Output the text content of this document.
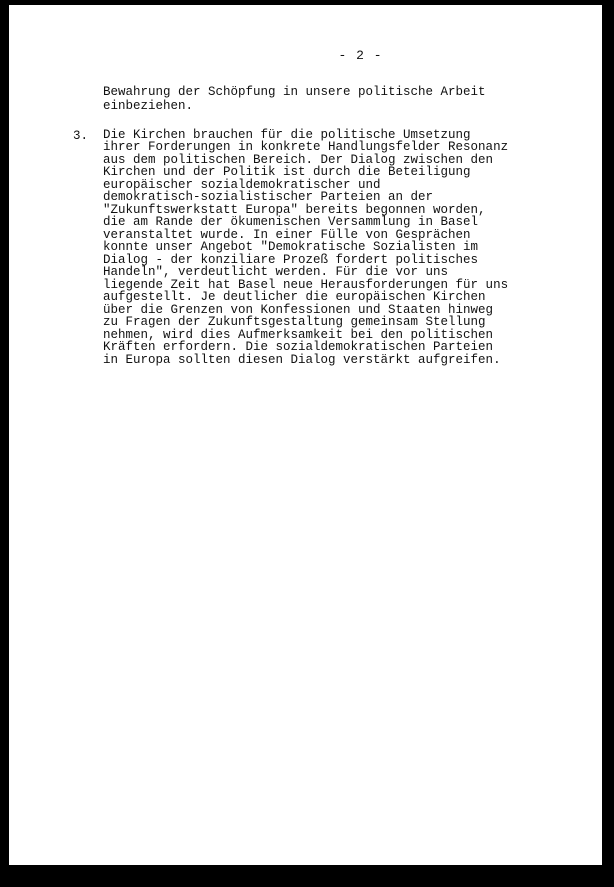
- 2 -
Bewahrung der Schöpfung in unsere politische Arbeit
einbeziehen.
3. Die Kirchen brauchen für die politische Umsetzung
ihrer Forderungen in konkrete Handlungsfelder Resonanz
aus dem politischen Bereich. Der Dialog zwischen den
Kirchen und der Politik ist durch die Beteiligung
europäischer sozialdemokratischer und
demokratisch-sozialistischer Parteien an der
"Zukunftswerkstatt Europa" bereits begonnen worden,
die am Rande der ökumenischen Versammlung in Basel
veranstaltet wurde. In einer Fülle von Gesprächen
konnte unser Angebot "Demokratische Sozialisten im
Dialog - der konziliare Prozeß fordert politisches
Handeln", verdeutlicht werden. Für die vor uns
liegende Zeit hat Basel neue Herausforderungen für uns
aufgestellt. Je deutlicher die europäischen Kirchen
über die Grenzen von Konfessionen und Staaten hinweg
zu Fragen der Zukunftsgestaltung gemeinsam Stellung
nehmen, wird dies Aufmerksamkeit bei den politischen
Kräften erfordern. Die sozialdemokratischen Parteien
in Europa sollten diesen Dialog verstärkt aufgreifen.
